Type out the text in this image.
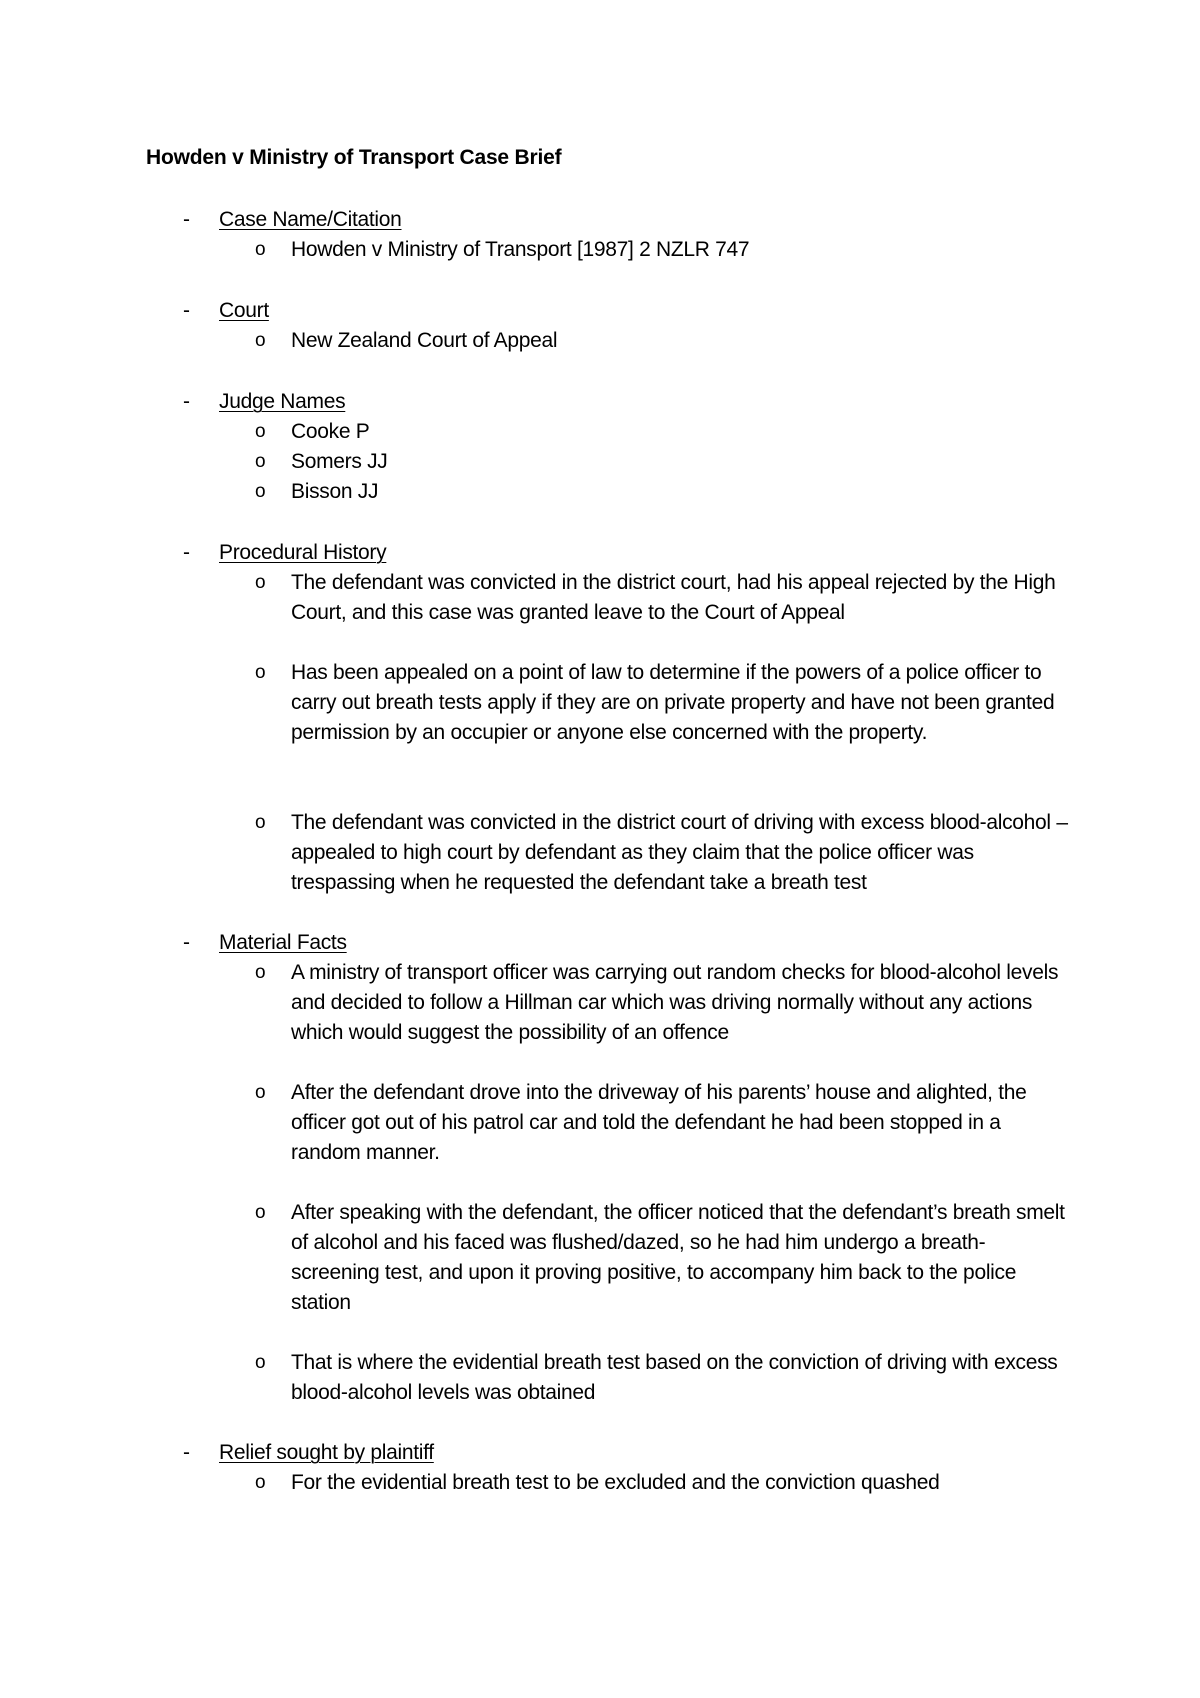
Howden v Ministry of Transport Case Brief
- Case Name/Citation
o Howden v Ministry of Transport [1987] 2 NZLR 747
- Court
o New Zealand Court of Appeal
- Judge Names
o Cooke P
o Somers JJ
o Bisson JJ
- Procedural History
o The defendant was convicted in the district court, had his appeal rejected by the High Court, and this case was granted leave to the Court of Appeal
o Has been appealed on a point of law to determine if the powers of a police officer to carry out breath tests apply if they are on private property and have not been granted permission by an occupier or anyone else concerned with the property.
o The defendant was convicted in the district court of driving with excess blood-alcohol – appealed to high court by defendant as they claim that the police officer was trespassing when he requested the defendant take a breath test
- Material Facts
o A ministry of transport officer was carrying out random checks for blood-alcohol levels and decided to follow a Hillman car which was driving normally without any actions which would suggest the possibility of an offence
o After the defendant drove into the driveway of his parents’ house and alighted, the officer got out of his patrol car and told the defendant he had been stopped in a random manner.
o After speaking with the defendant, the officer noticed that the defendant’s breath smelt of alcohol and his faced was flushed/dazed, so he had him undergo a breath-screening test, and upon it proving positive, to accompany him back to the police station
o That is where the evidential breath test based on the conviction of driving with excess blood-alcohol levels was obtained
- Relief sought by plaintiff
o For the evidential breath test to be excluded and the conviction quashed
